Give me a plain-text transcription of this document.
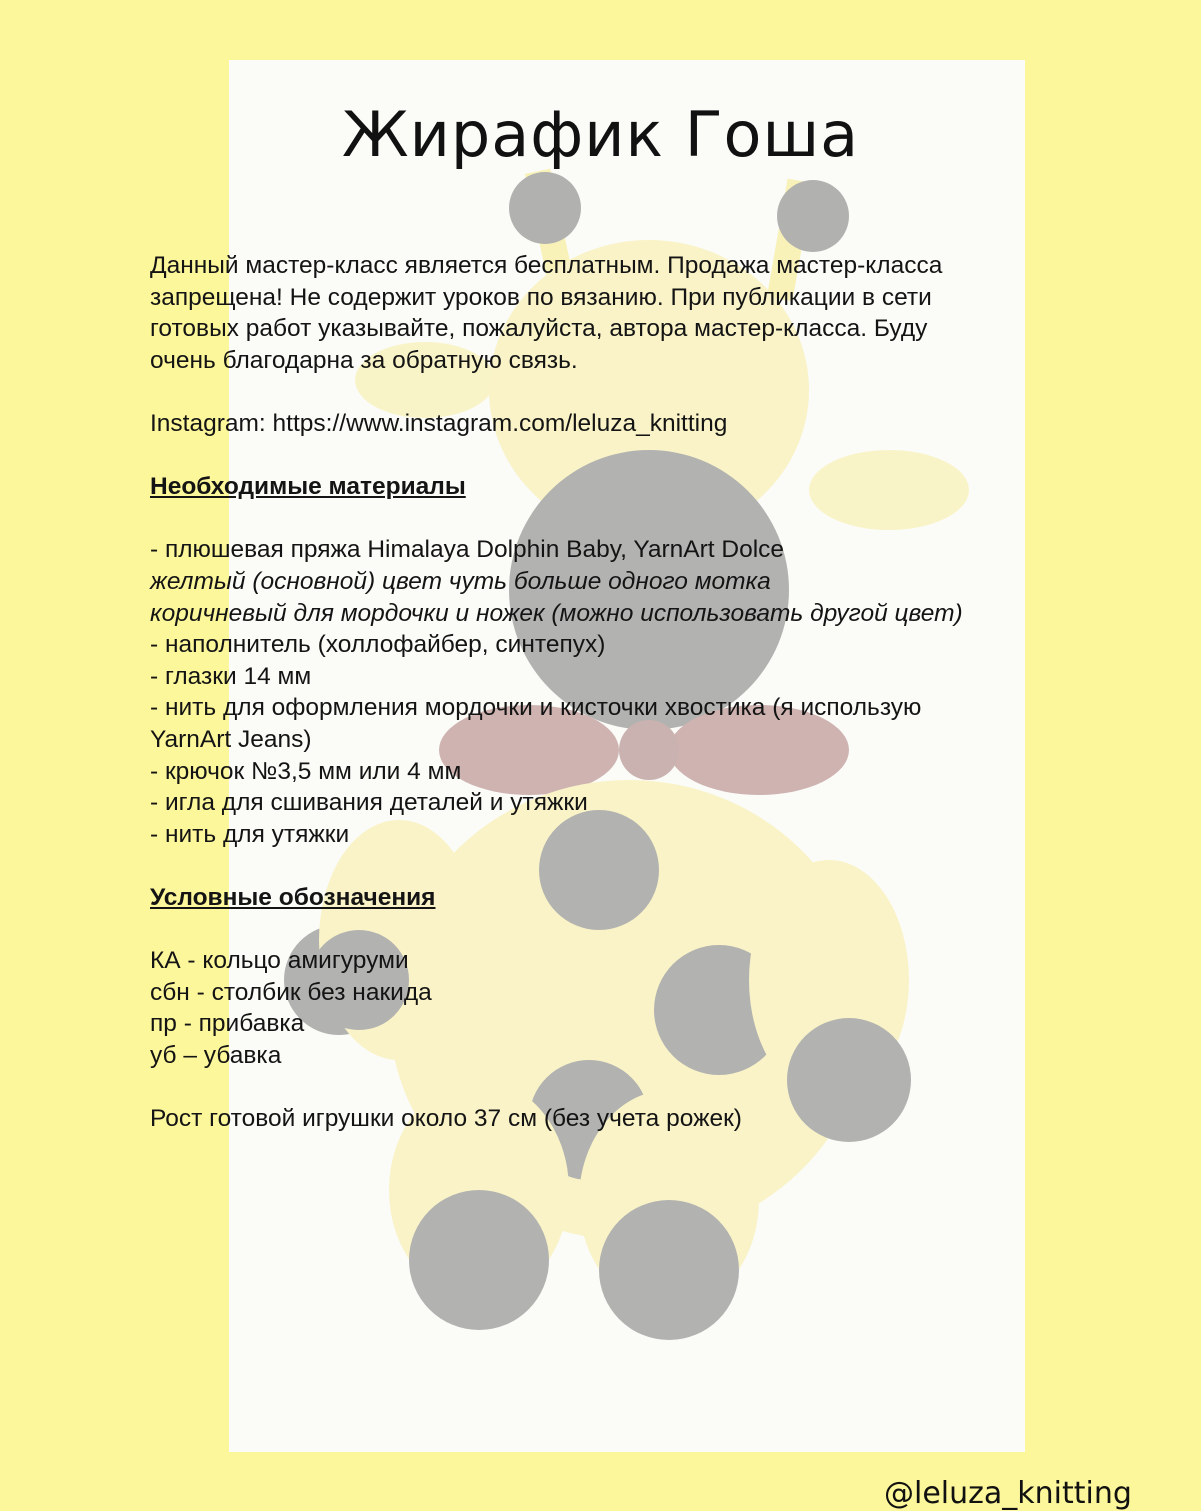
Жирафик Гоша

Данный мастер-класс является бесплатным. Продажа мастер-класса

запрещена! Не содержит уроков по вязанию. При публикации в сети

готовых работ указывайте, пожалуйста, автора мастер-класса. Буду

очень благодарна за обратную связь.

Instagram: https://www.instagram.com/leluza_knitting

Необходимые материалы

- плюшевая пряжа Himalaya Dolphin Baby, YarnArt Dolce

желтый (основной) цвет чуть больше одного мотка

коричневый для мордочки и ножек (можно использовать другой цвет)

- наполнитель (холлофайбер, синтепух)

- глазки 14 мм

- нить для оформления мордочки и кисточки хвостика (я использую

YarnArt Jeans)

- крючок №3,5 мм или 4 мм

- игла для сшивания деталей и утяжки

- нить для утяжки

Условные обозначения

КА - кольцо амигуруми

сбн - столбик без накида

пр - прибавка

уб – убавка

Рост готовой игрушки около 37 см (без учета рожек)

@leluza_knitting
